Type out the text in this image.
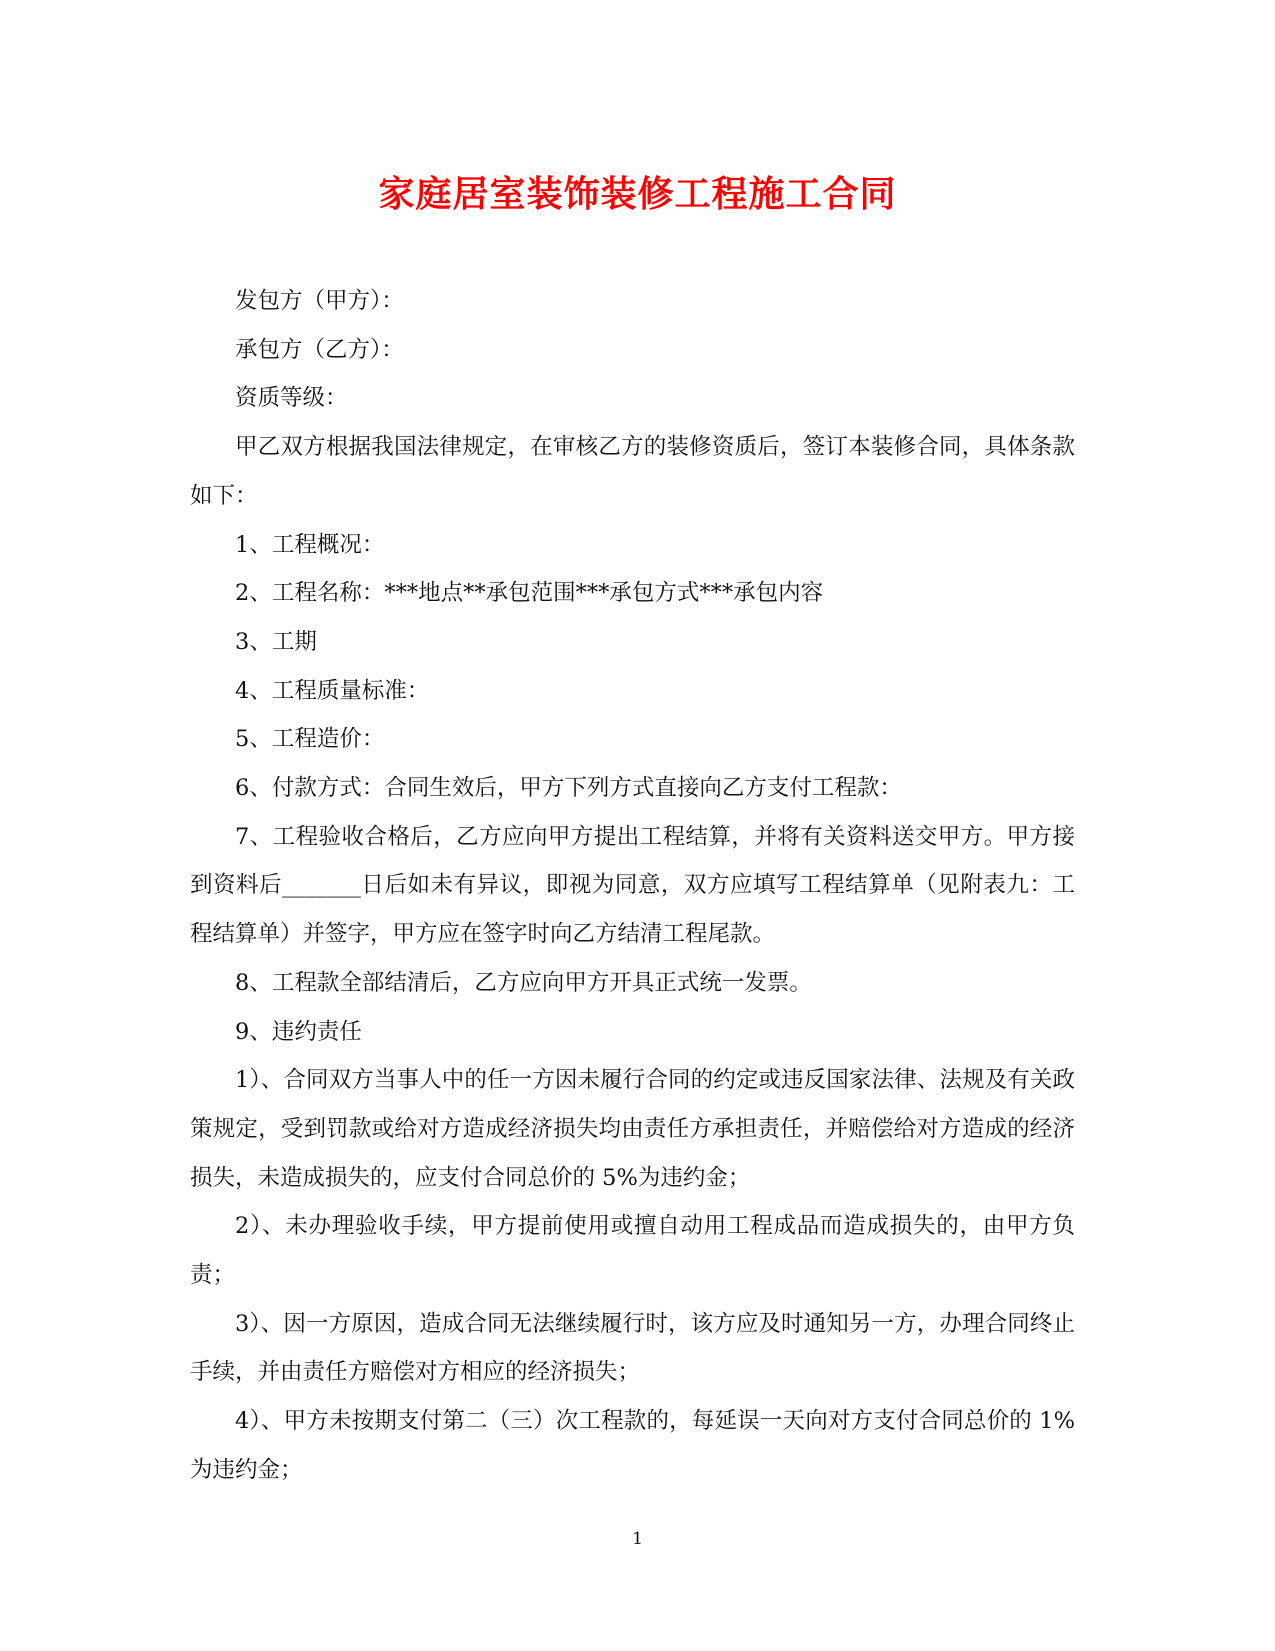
家庭居室装饰装修工程施工合同

发包方（甲方）：

承包方（乙方）：

资质等级：

甲乙双方根据我国法律规定，在审核乙方的装修资质后，签订本装修合同，具体条款如下：

1、工程概况：

2、工程名称：***地点**承包范围***承包方式***承包内容

3、工期

4、工程质量标准：

5、工程造价：

6、付款方式：合同生效后，甲方下列方式直接向乙方支付工程款：

7、工程验收合格后，乙方应向甲方提出工程结算，并将有关资料送交甲方。甲方接到资料后_______日后如未有异议，即视为同意，双方应填写工程结算单（见附表九：工程结算单）并签字，甲方应在签字时向乙方结清工程尾款。

8、工程款全部结清后，乙方应向甲方开具正式统一发票。

9、违约责任

1）、合同双方当事人中的任一方因未履行合同的约定或违反国家法律、法规及有关政策规定，受到罚款或给对方造成经济损失均由责任方承担责任，并赔偿给对方造成的经济损失，未造成损失的，应支付合同总价的 5%为违约金；

2）、未办理验收手续，甲方提前使用或擅自动用工程成品而造成损失的，由甲方负责；

3）、因一方原因，造成合同无法继续履行时，该方应及时通知另一方，办理合同终止手续，并由责任方赔偿对方相应的经济损失；

4）、甲方未按期支付第二（三）次工程款的，每延误一天向对方支付合同总价的 1%为违约金；

1
